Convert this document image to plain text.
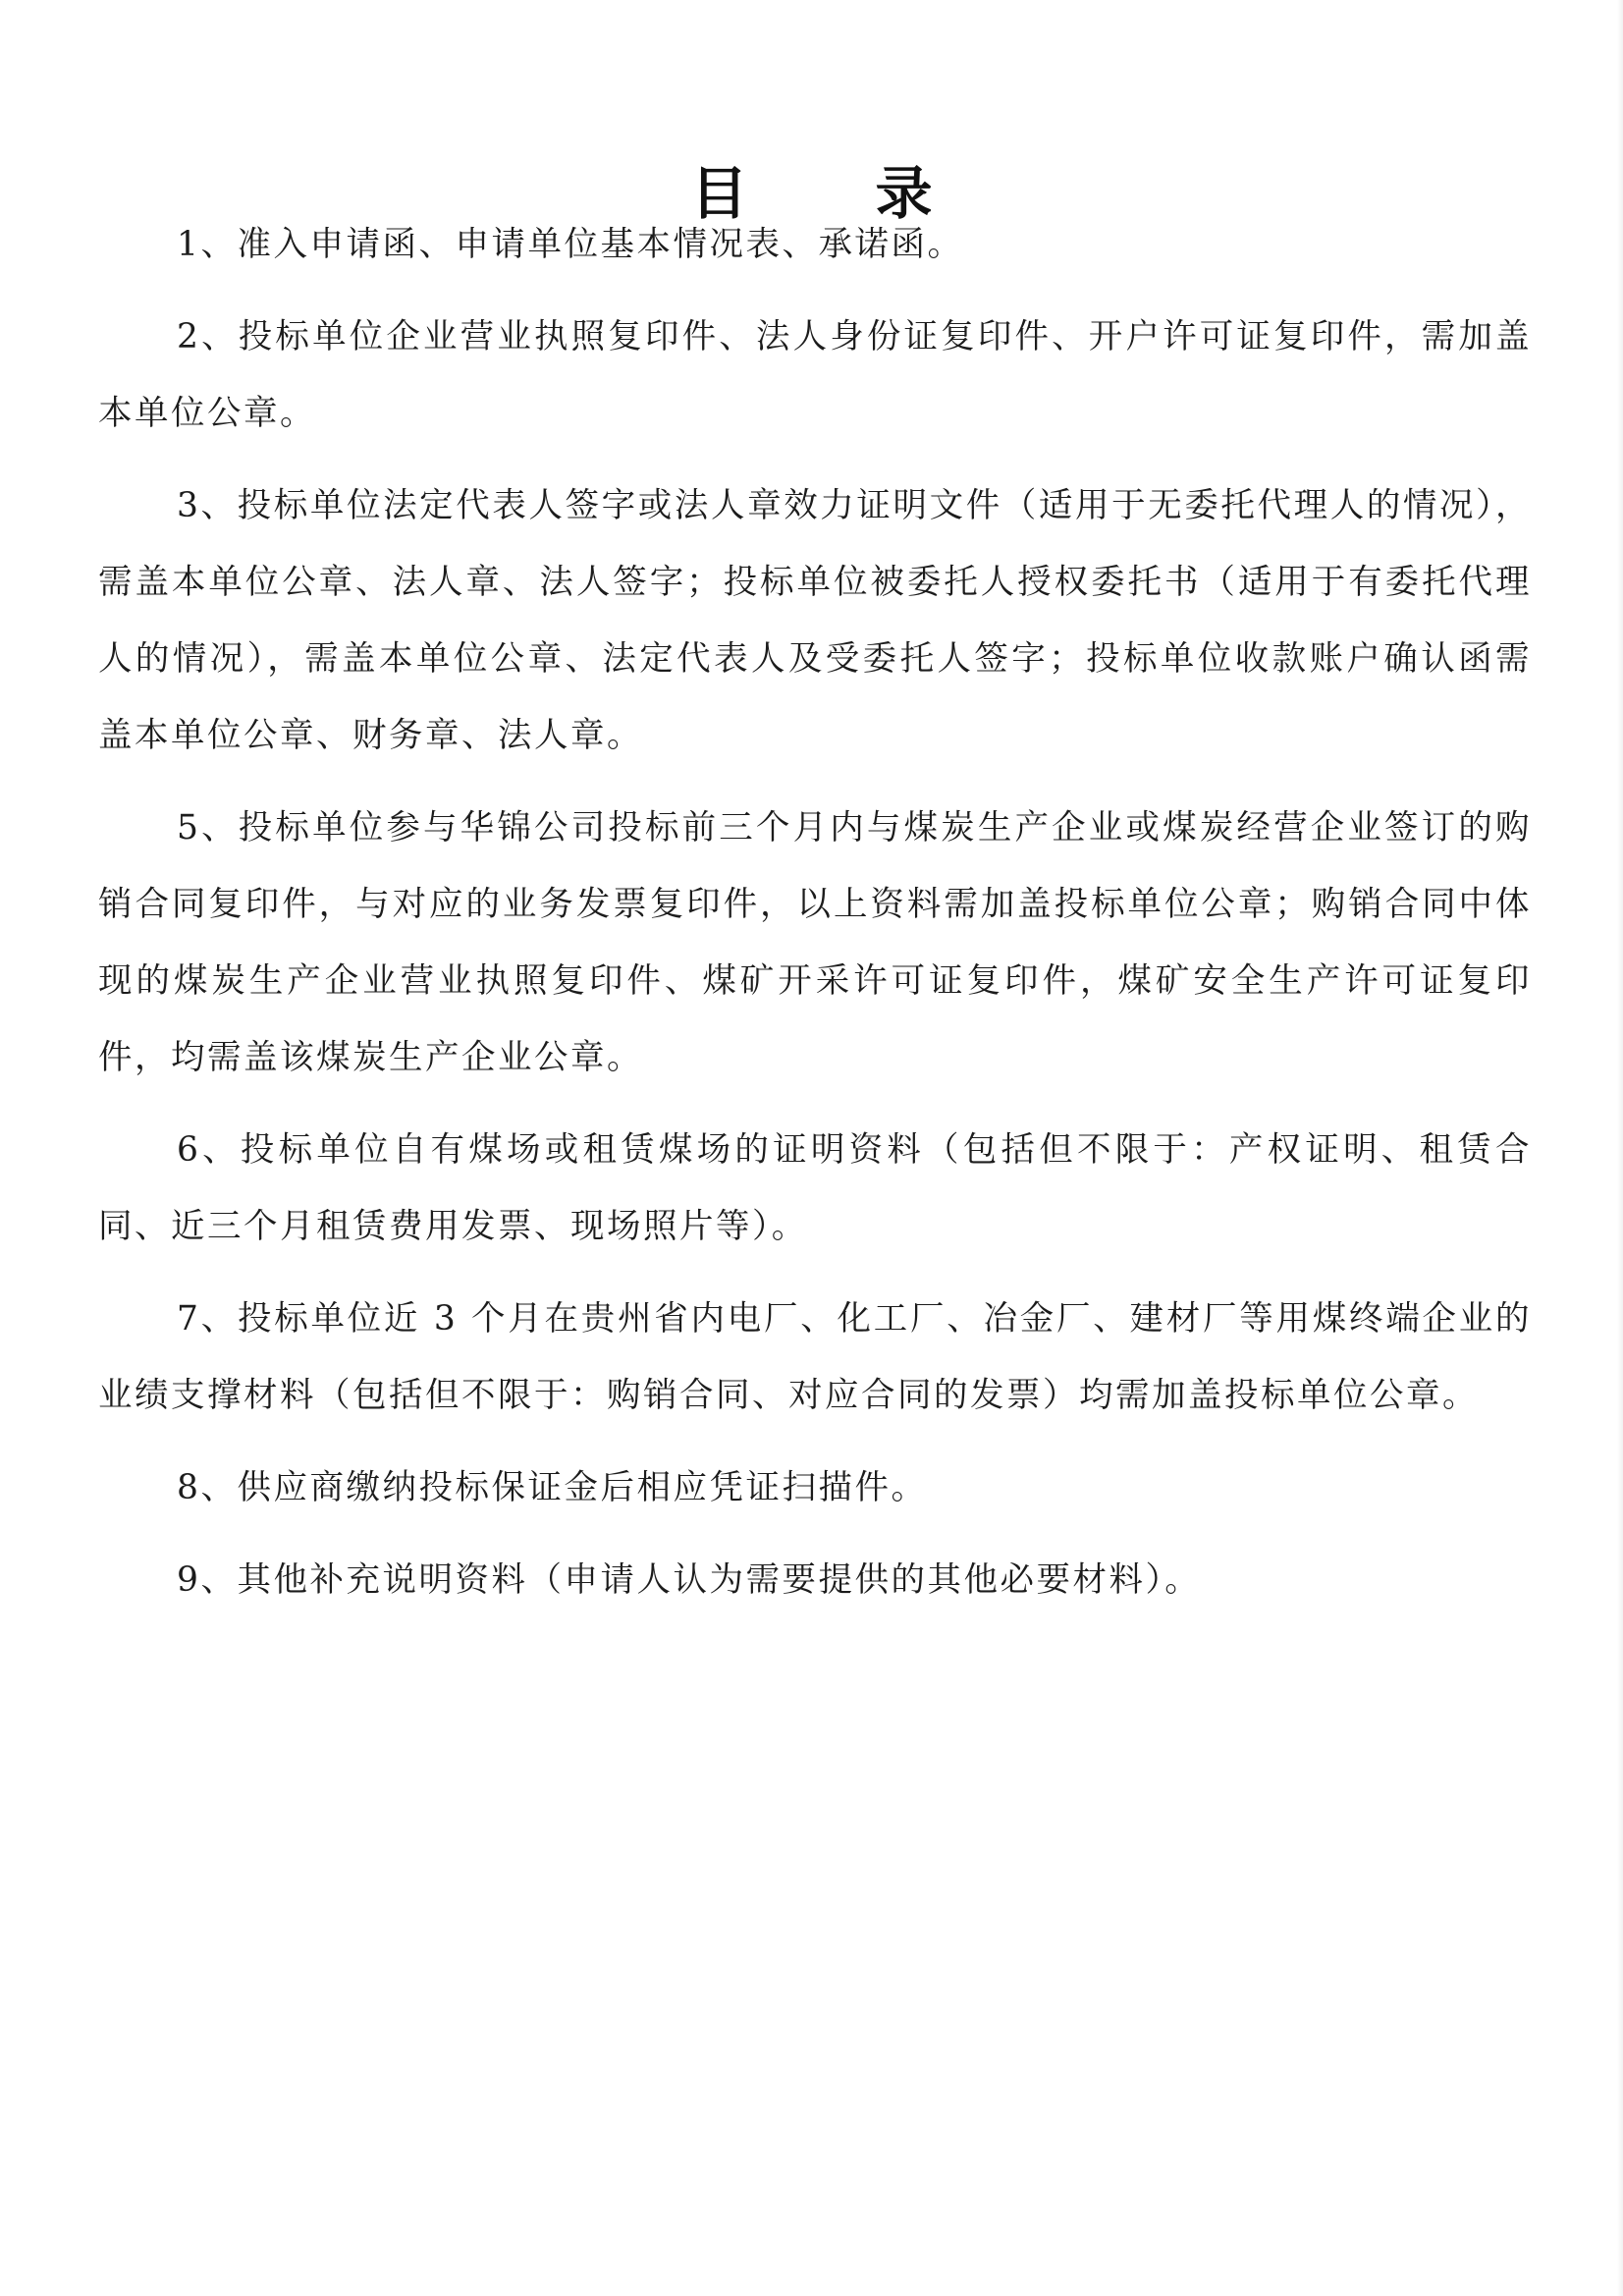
目录

1、准入申请函、申请单位基本情况表、承诺函。

2、投标单位企业营业执照复印件、法人身份证复印件、开户许可证复印件，需加盖本单位公章。

3、投标单位法定代表人签字或法人章效力证明文件（适用于无委托代理人的情况），需盖本单位公章、法人章、法人签字；投标单位被委托人授权委托书（适用于有委托代理人的情况），需盖本单位公章、法定代表人及受委托人签字；投标单位收款账户确认函需盖本单位公章、财务章、法人章。

5、投标单位参与华锦公司投标前三个月内与煤炭生产企业或煤炭经营企业签订的购销合同复印件，与对应的业务发票复印件，以上资料需加盖投标单位公章；购销合同中体现的煤炭生产企业营业执照复印件、煤矿开采许可证复印件，煤矿安全生产许可证复印件，均需盖该煤炭生产企业公章。

6、投标单位自有煤场或租赁煤场的证明资料（包括但不限于：产权证明、租赁合同、近三个月租赁费用发票、现场照片等）。

7、投标单位近 3 个月在贵州省内电厂、化工厂、冶金厂、建材厂等用煤终端企业的业绩支撑材料（包括但不限于：购销合同、对应合同的发票）均需加盖投标单位公章。

8、供应商缴纳投标保证金后相应凭证扫描件。

9、其他补充说明资料（申请人认为需要提供的其他必要材料）。
